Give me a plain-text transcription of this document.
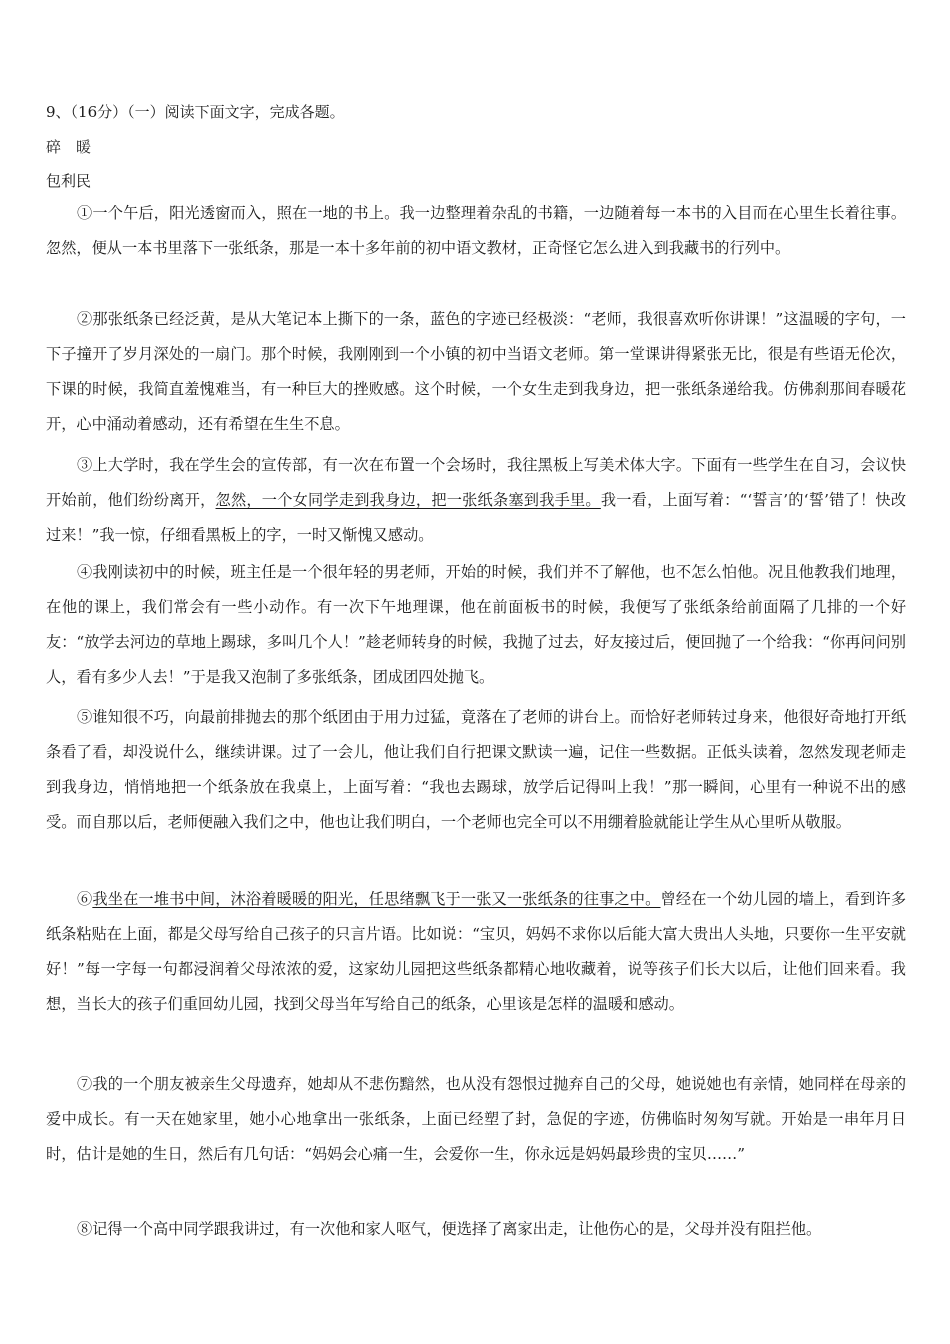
9、（16分）（一）阅读下面文字，完成各题。
碎　暖
包利民

①一个午后，阳光透窗而入，照在一地的书上。我一边整理着杂乱的书籍，一边随着每一本书的入目而在心里生长着往事。忽然，便从一本书里落下一张纸条，那是一本十多年前的初中语文教材，正奇怪它怎么进入到我藏书的行列中。

②那张纸条已经泛黄，是从大笔记本上撕下的一条，蓝色的字迹已经极淡：“老师，我很喜欢听你讲课！”这温暖的字句，一下子撞开了岁月深处的一扇门。那个时候，我刚刚到一个小镇的初中当语文老师。第一堂课讲得紧张无比，很是有些语无伦次，下课的时候，我简直羞愧难当，有一种巨大的挫败感。这个时候，一个女生走到我身边，把一张纸条递给我。仿佛刹那间春暖花开，心中涌动着感动，还有希望在生生不息。

③上大学时，我在学生会的宣传部，有一次在布置一个会场时，我往黑板上写美术体大字。下面有一些学生在自习，会议快开始前，他们纷纷离开，忽然，一个女同学走到我身边，把一张纸条塞到我手里。我一看，上面写着：“‘誓言’的‘誓’错了！快改过来！”我一惊，仔细看黑板上的字，一时又惭愧又感动。

④我刚读初中的时候，班主任是一个很年轻的男老师，开始的时候，我们并不了解他，也不怎么怕他。况且他教我们地理，在他的课上，我们常会有一些小动作。有一次下午地理课，他在前面板书的时候，我便写了张纸条给前面隔了几排的一个好友：“放学去河边的草地上踢球，多叫几个人！”趁老师转身的时候，我抛了过去，好友接过后，便回抛了一个给我：“你再问问别人，看有多少人去！”于是我又泡制了多张纸条，团成团四处抛飞。

⑤谁知很不巧，向最前排抛去的那个纸团由于用力过猛，竟落在了老师的讲台上。而恰好老师转过身来，他很好奇地打开纸条看了看，却没说什么，继续讲课。过了一会儿，他让我们自行把课文默读一遍，记住一些数据。正低头读着，忽然发现老师走到我身边，悄悄地把一个纸条放在我桌上，上面写着：“我也去踢球，放学后记得叫上我！”那一瞬间，心里有一种说不出的感受。而自那以后，老师便融入我们之中，他也让我们明白，一个老师也完全可以不用绷着脸就能让学生从心里听从敬服。

⑥我坐在一堆书中间，沐浴着暖暖的阳光，任思绪飘飞于一张又一张纸条的往事之中。曾经在一个幼儿园的墙上，看到许多纸条粘贴在上面，都是父母写给自己孩子的只言片语。比如说：“宝贝，妈妈不求你以后能大富大贵出人头地，只要你一生平安就好！”每一字每一句都浸润着父母浓浓的爱，这家幼儿园把这些纸条都精心地收藏着，说等孩子们长大以后，让他们回来看。我想，当长大的孩子们重回幼儿园，找到父母当年写给自己的纸条，心里该是怎样的温暖和感动。

⑦我的一个朋友被亲生父母遗弃，她却从不悲伤黯然，也从没有怨恨过抛弃自己的父母，她说她也有亲情，她同样在母亲的爱中成长。有一天在她家里，她小心地拿出一张纸条，上面已经塑了封，急促的字迹，仿佛临时匆匆写就。开始是一串年月日时，估计是她的生日，然后有几句话：“妈妈会心痛一生，会爱你一生，你永远是妈妈最珍贵的宝贝……”

⑧记得一个高中同学跟我讲过，有一次他和家人呕气，便选择了离家出走，让他伤心的是，父母并没有阻拦他。
